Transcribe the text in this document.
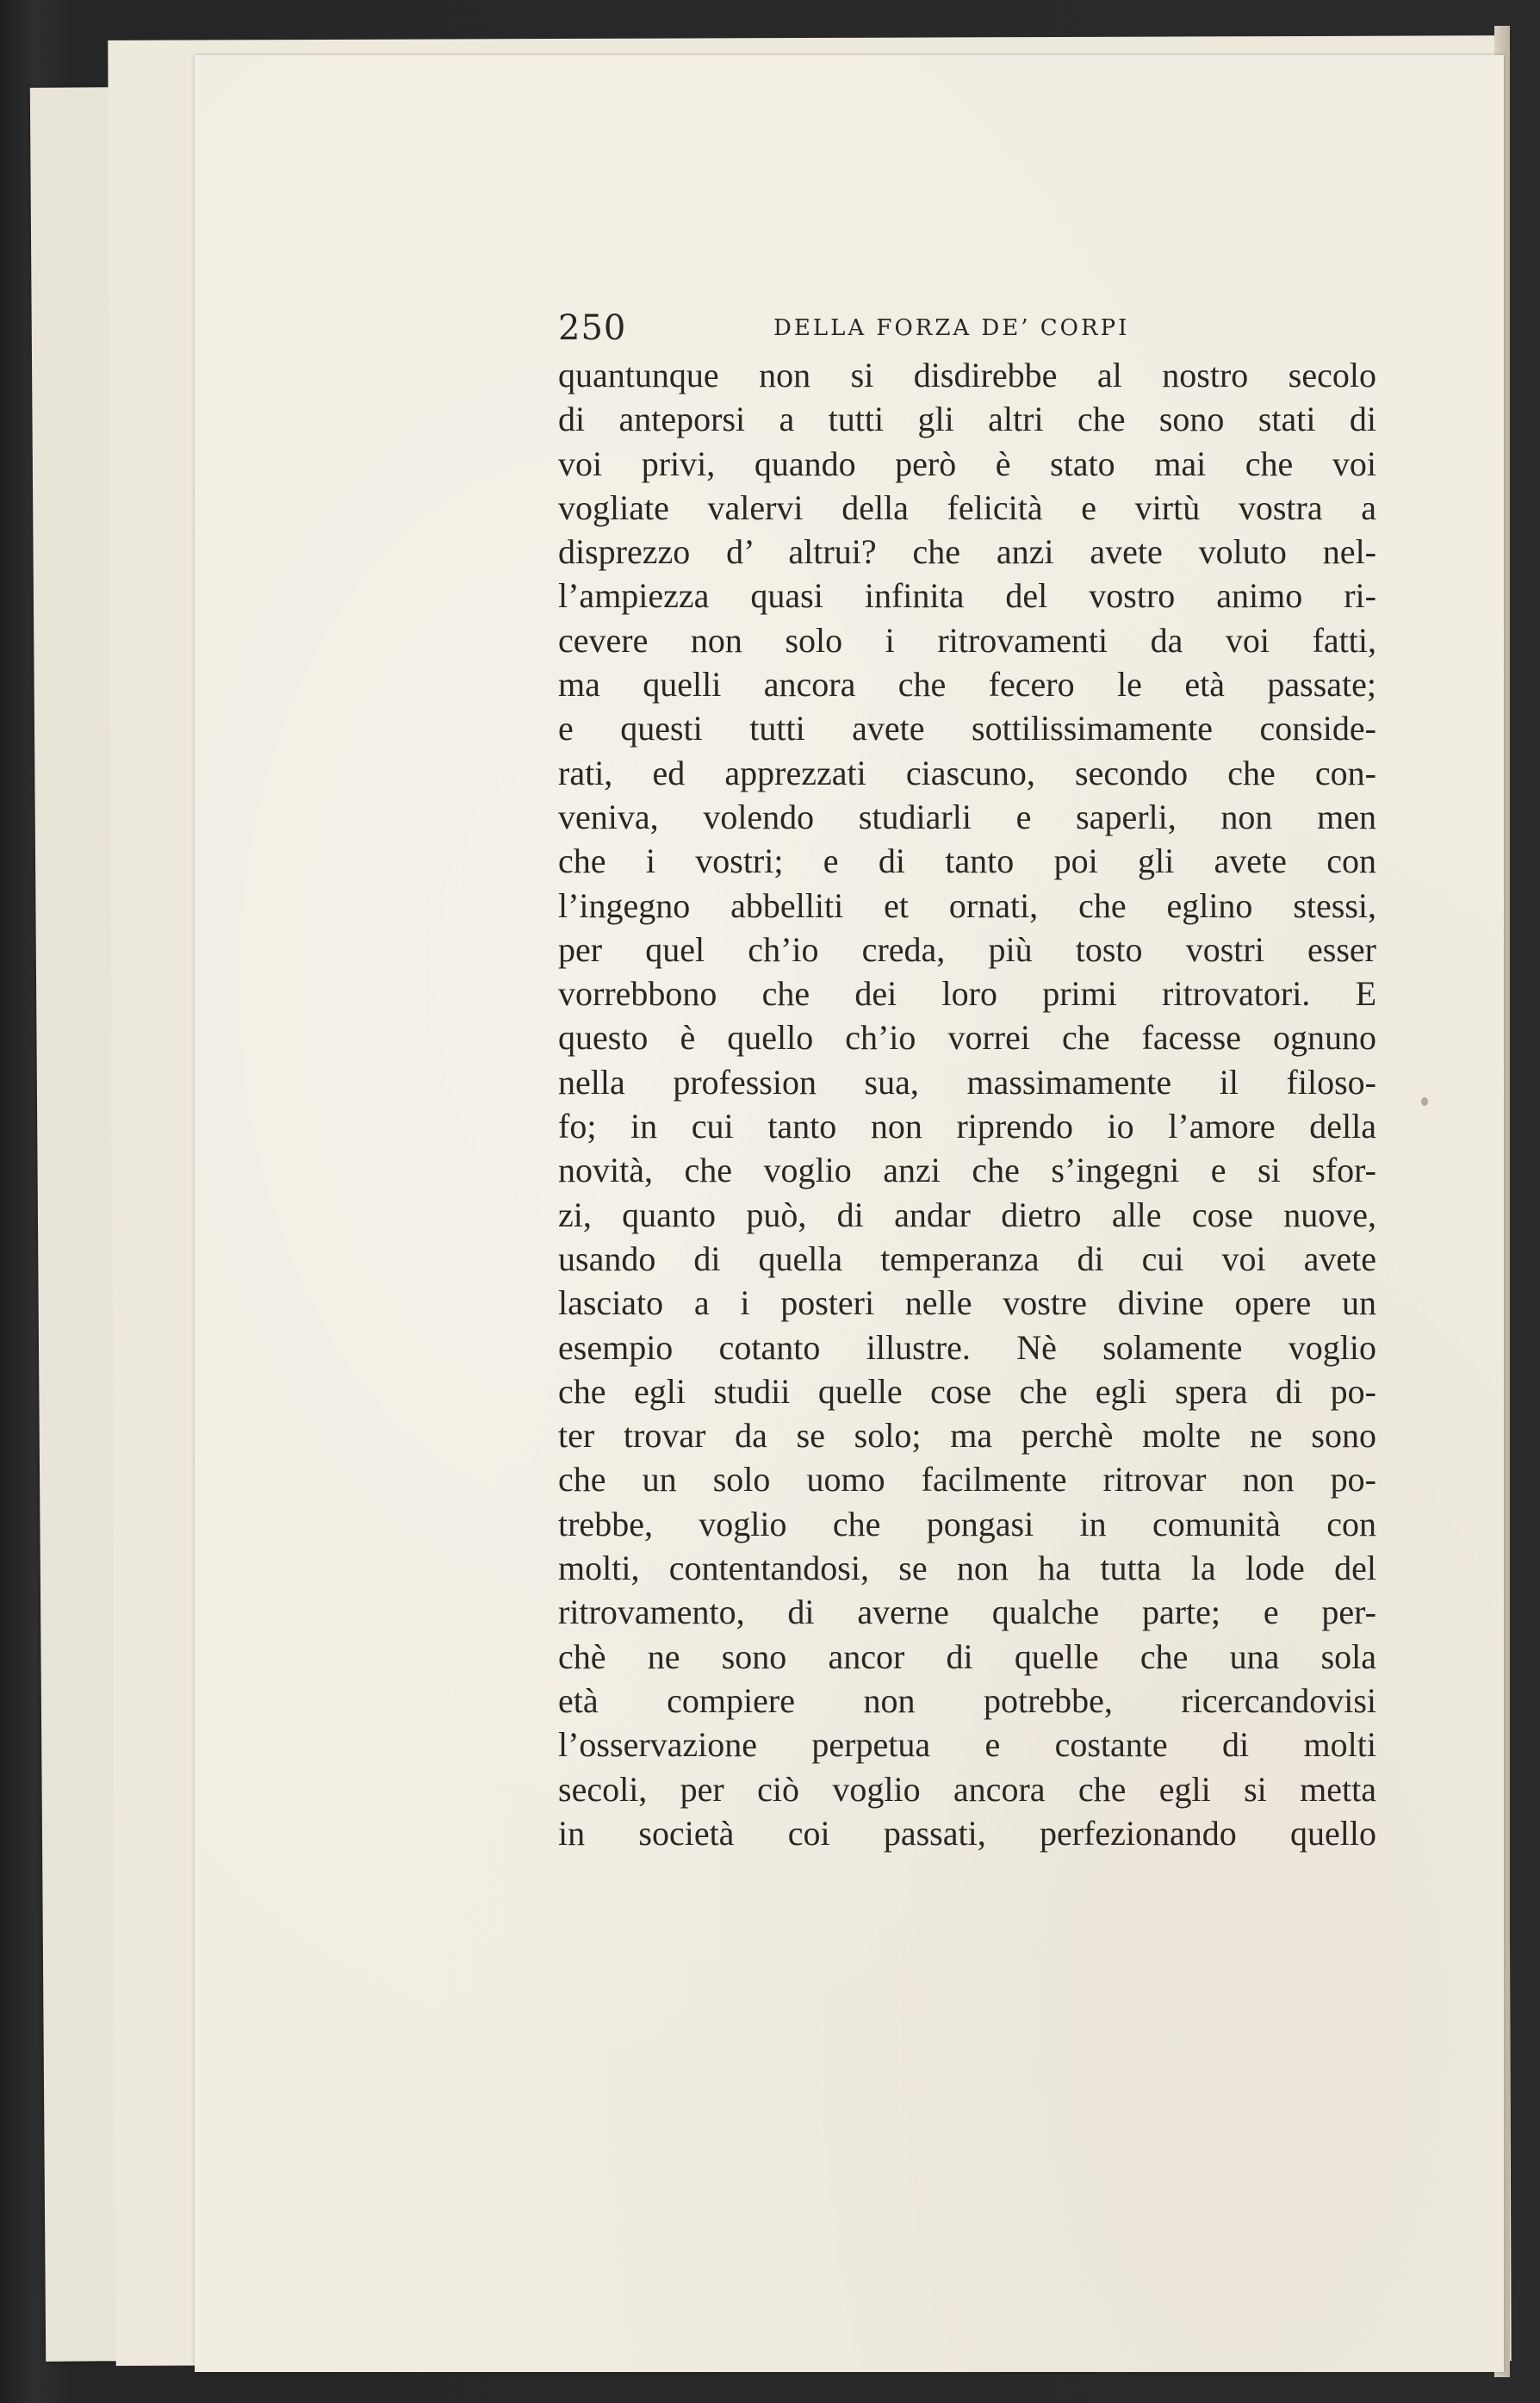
250	DELLA FORZA DE’ CORPI
quantunque non si disdirebbe al nostro secolo
di anteporsi a tutti gli altri che sono stati di
voi privi, quando però è stato mai che voi
vogliate valervi della felicità e virtù vostra a
disprezzo d’ altrui? che anzi avete voluto nel-
l’ampiezza quasi infinita del vostro animo ri-
cevere non solo i ritrovamenti da voi fatti,
ma quelli ancora che fecero le età passate;
e questi tutti avete sottilissimamente conside-
rati, ed apprezzati ciascuno, secondo che con-
veniva, volendo studiarli e saperli, non men
che i vostri; e di tanto poi gli avete con
l’ingegno abbelliti et ornati, che eglino stessi,
per quel ch’io creda, più tosto vostri esser
vorrebbono che dei loro primi ritrovatori. E
questo è quello ch’io vorrei che facesse ognuno
nella profession sua, massimamente il filoso-
fo; in cui tanto non riprendo io l’amore della
novità, che voglio anzi che s’ingegni e si sfor-
zi, quanto può, di andar dietro alle cose nuove,
usando di quella temperanza di cui voi avete
lasciato a i posteri nelle vostre divine opere un
esempio cotanto illustre. Nè solamente voglio
che egli studii quelle cose che egli spera di po-
ter trovar da se solo; ma perchè molte ne sono
che un solo uomo facilmente ritrovar non po-
trebbe, voglio che pongasi in comunità con
molti, contentandosi, se non ha tutta la lode del
ritrovamento, di averne qualche parte; e per-
chè ne sono ancor di quelle che una sola
età compiere non potrebbe, ricercandovisi
l’osservazione perpetua e costante di molti
secoli, per ciò voglio ancora che egli si metta
in società coi passati, perfezionando quello
